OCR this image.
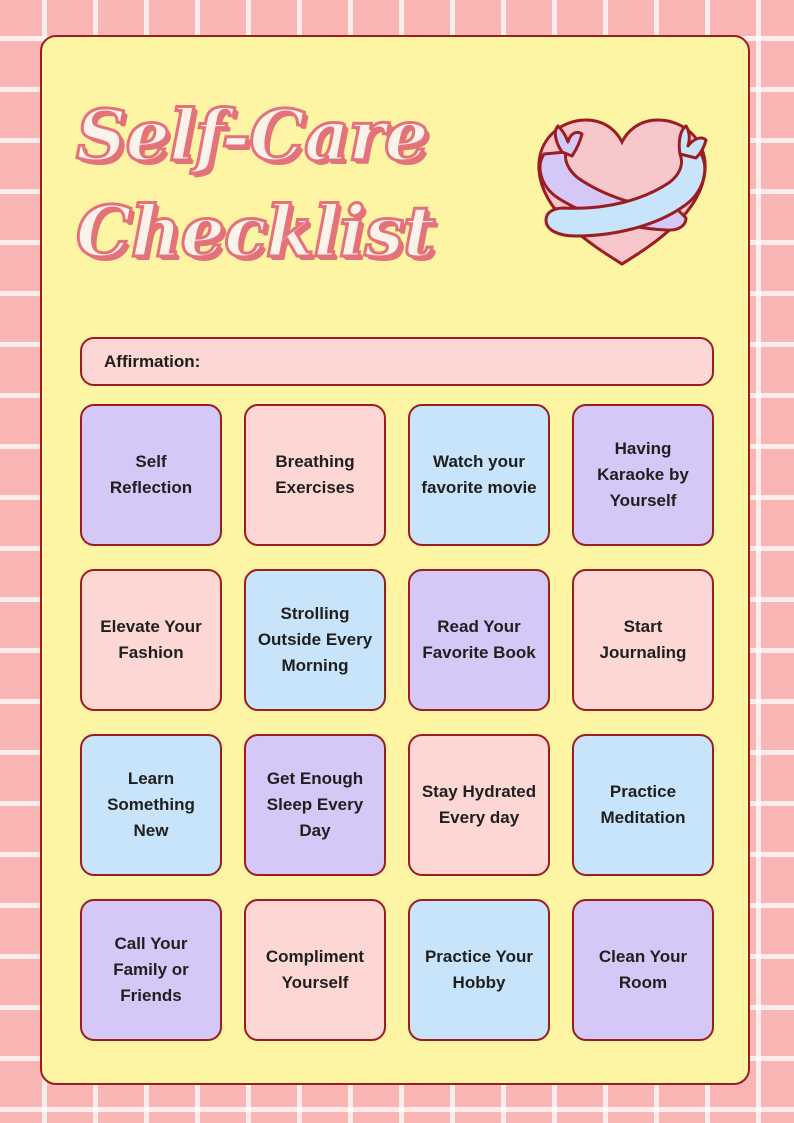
Self-Care
Checklist
Affirmation:
Self Reflection
Breathing Exercises
Watch your favorite movie
Having Karaoke by Yourself
Elevate Your Fashion
Strolling Outside Every Morning
Read Your Favorite Book
Start Journaling
Learn Something New
Get Enough Sleep Every Day
Stay Hydrated Every day
Practice Meditation
Call Your Family or Friends
Compliment Yourself
Practice Your Hobby
Clean Your Room
